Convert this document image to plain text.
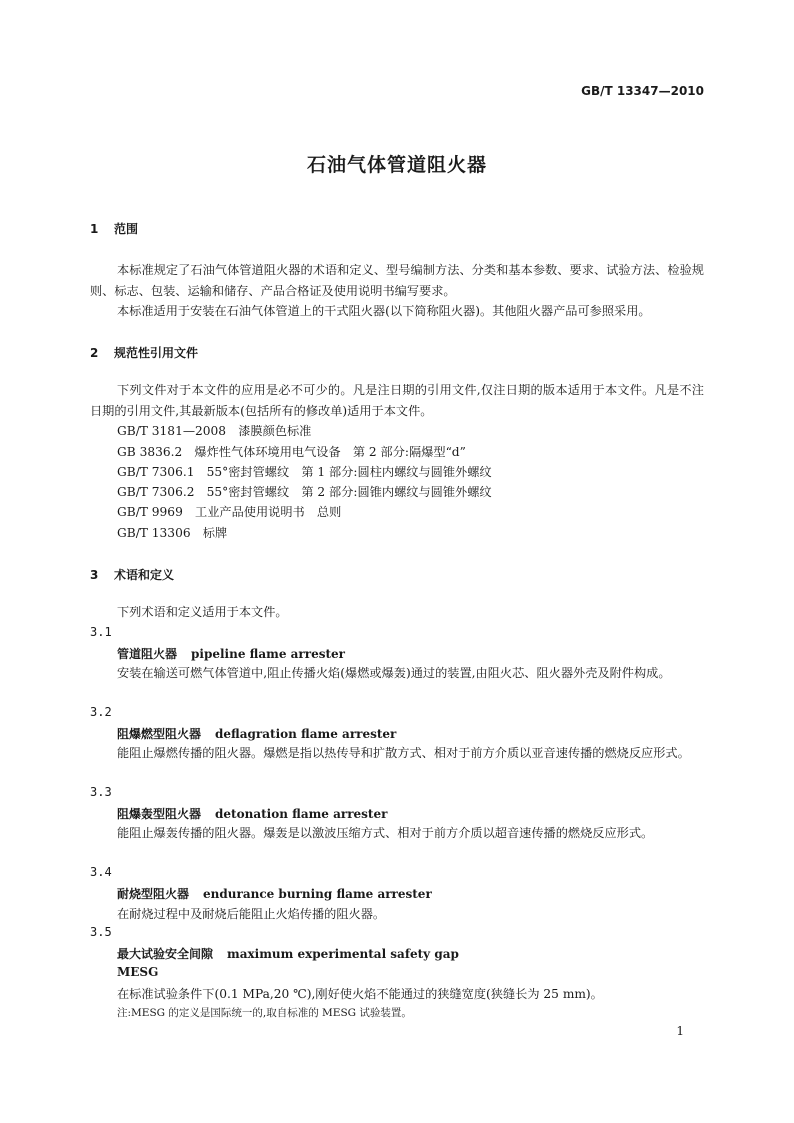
GB/T 13347—2010
石油气体管道阻火器
1 范围
本标准规定了石油气体管道阻火器的术语和定义、型号编制方法、分类和基本参数、要求、试验方法、检验规则、标志、包装、运输和储存、产品合格证及使用说明书编写要求。
本标准适用于安装在石油气体管道上的干式阻火器(以下简称阻火器)。其他阻火器产品可参照采用。
2 规范性引用文件
下列文件对于本文件的应用是必不可少的。凡是注日期的引用文件,仅注日期的版本适用于本文件。凡是不注日期的引用文件,其最新版本(包括所有的修改单)适用于本文件。
GB/T 3181—2008　漆膜颜色标准
GB 3836.2　爆炸性气体环境用电气设备　第 2 部分:隔爆型“d”
GB/T 7306.1　55°密封管螺纹　第 1 部分:圆柱内螺纹与圆锥外螺纹
GB/T 7306.2　55°密封管螺纹　第 2 部分:圆锥内螺纹与圆锥外螺纹
GB/T 9969　工业产品使用说明书　总则
GB/T 13306　标牌
3 术语和定义
下列术语和定义适用于本文件。
3.1
管道阻火器 pipeline flame arrester
安装在输送可燃气体管道中,阻止传播火焰(爆燃或爆轰)通过的装置,由阻火芯、阻火器外壳及附件构成。
3.2
阻爆燃型阻火器 deflagration flame arrester
能阻止爆燃传播的阻火器。爆燃是指以热传导和扩散方式、相对于前方介质以亚音速传播的燃烧反应形式。
3.3
阻爆轰型阻火器 detonation flame arrester
能阻止爆轰传播的阻火器。爆轰是以激波压缩方式、相对于前方介质以超音速传播的燃烧反应形式。
3.4
耐烧型阻火器 endurance burning flame arrester
在耐烧过程中及耐烧后能阻止火焰传播的阻火器。
3.5
最大试验安全间隙 maximum experimental safety gap
MESG
在标准试验条件下(0.1 MPa,20 ℃),刚好使火焰不能通过的狭缝宽度(狭缝长为 25 mm)。
注:MESG 的定义是国际统一的,取自标准的 MESG 试验装置。
1
